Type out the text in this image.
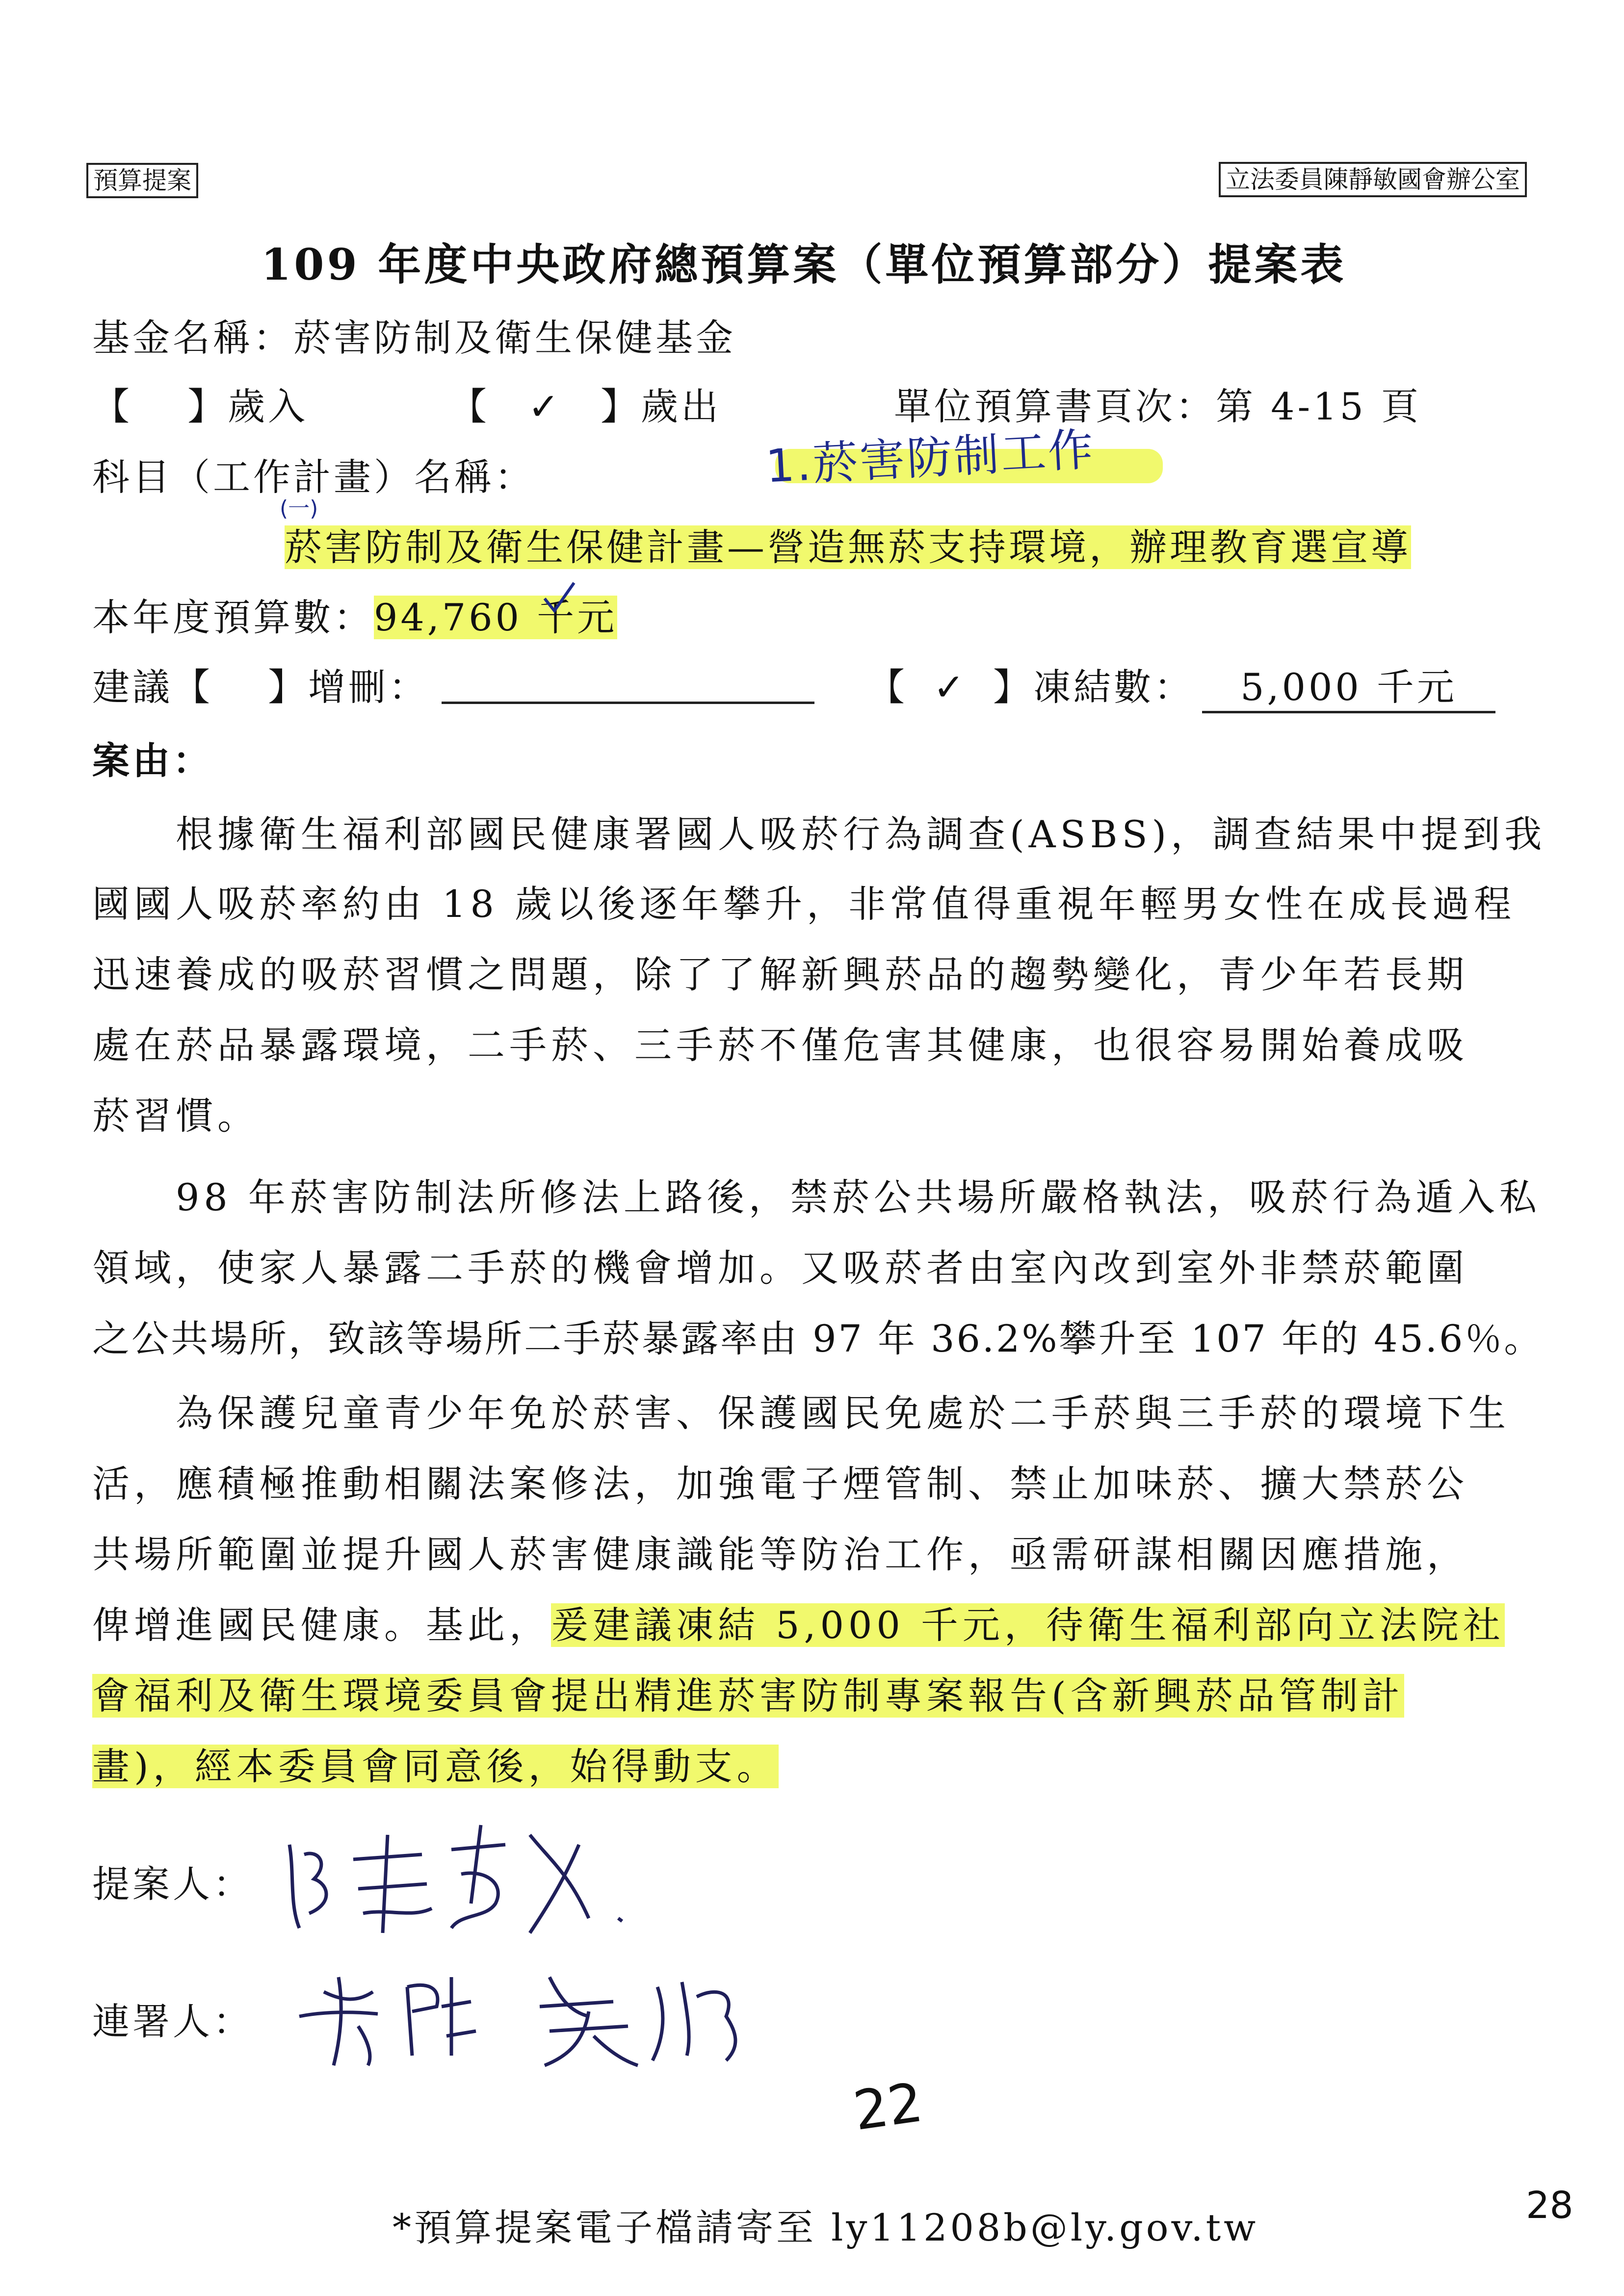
預算提案	立法委員陳靜敏國會辦公室
109 年度中央政府總預算案（單位預算部分）提案表
基金名稱：菸害防制及衛生保健基金
【　 】歲入	【 ✓ 】歲出	單位預算書頁次：第 4-15 頁
科目（工作計畫）名稱：	1.菸害防制工作
(一)
菸害防制及衛生保健計畫—營造無菸支持環境，辦理教育選宣導
本年度預算數：94,760 千元
建議【　 】增刪：	【 ✓ 】凍結數：	5,000 千元
案由：
　　根據衛生福利部國民健康署國人吸菸行為調查(ASBS)，調查結果中提到我
國國人吸菸率約由 18 歲以後逐年攀升，非常值得重視年輕男女性在成長過程
迅速養成的吸菸習慣之問題，除了了解新興菸品的趨勢變化，青少年若長期
處在菸品暴露環境，二手菸、三手菸不僅危害其健康，也很容易開始養成吸
菸習慣。
　　98 年菸害防制法所修法上路後，禁菸公共場所嚴格執法，吸菸行為遁入私
領域，使家人暴露二手菸的機會增加。又吸菸者由室內改到室外非禁菸範圍
之公共場所，致該等場所二手菸暴露率由 97 年 36.2%攀升至 107 年的 45.6％。
　　為保護兒童青少年免於菸害、保護國民免處於二手菸與三手菸的環境下生
活，應積極推動相關法案修法，加強電子煙管制、禁止加味菸、擴大禁菸公
共場所範圍並提升國人菸害健康識能等防治工作，亟需研謀相關因應措施，
俾增進國民健康。基此，爰建議凍結 5,000 千元，待衛生福利部向立法院社
會福利及衛生環境委員會提出精進菸害防制專案報告(含新興菸品管制計
畫)，經本委員會同意後，始得動支。
提案人：
連署人：
22
*預算提案電子檔請寄至 ly11208b@ly.gov.tw
28
